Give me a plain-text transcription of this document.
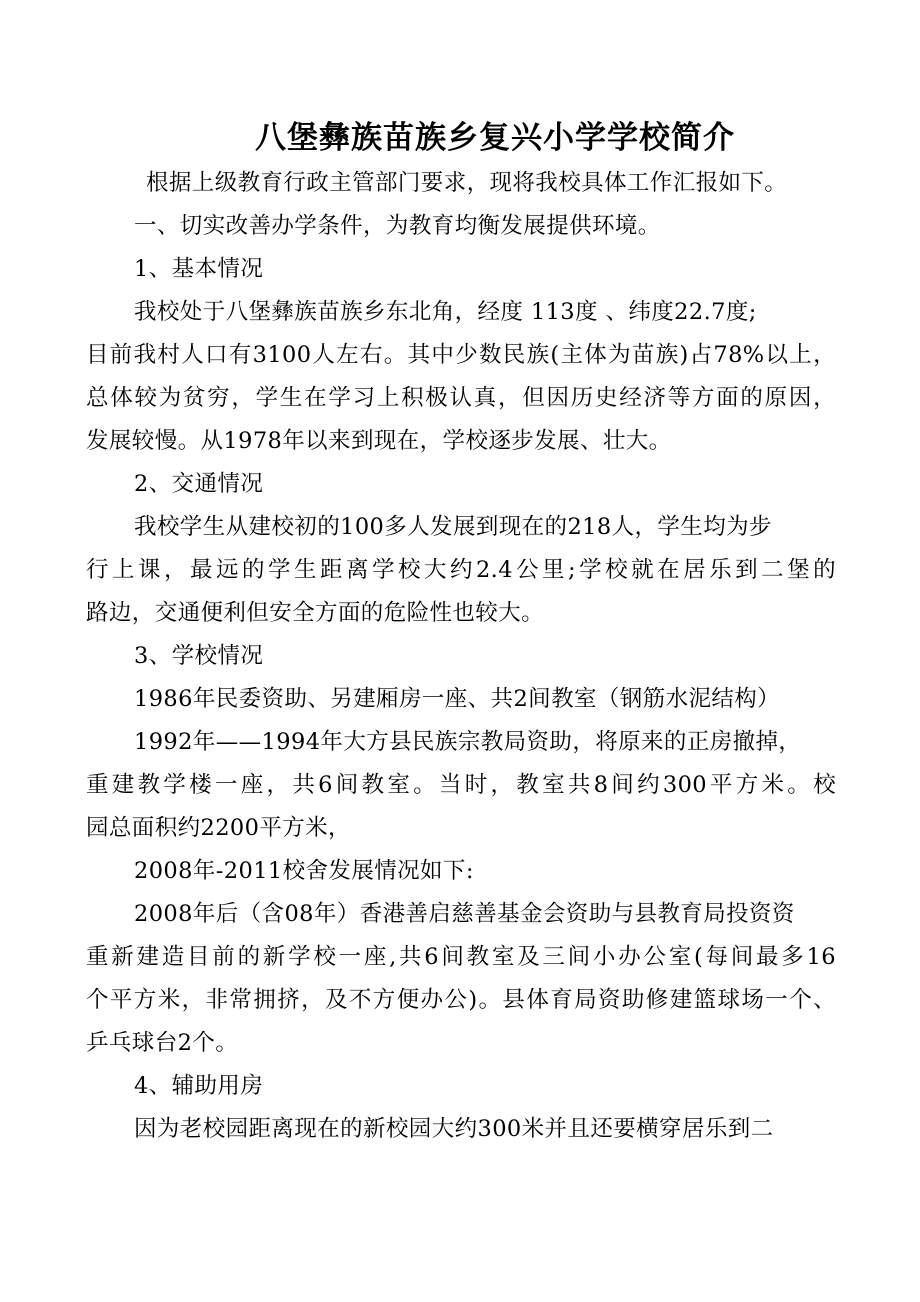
八堡彝族苗族乡复兴小学学校简介
根据上级教育行政主管部门要求，现将我校具体工作汇报如下。
一、切实改善办学条件，为教育均衡发展提供环境。
1、基本情况
我校处于八堡彝族苗族乡东北角，经度 113度 、纬度22.7度;
目前我村人口有3100人左右。其中少数民族(主体为苗族)占78%以上，
总体较为贫穷，学生在学习上积极认真，但因历史经济等方面的原因，
发展较慢。从1978年以来到现在，学校逐步发展、壮大。
2、交通情况
我校学生从建校初的100多人发展到现在的218人，学生均为步
行上课，最远的学生距离学校大约2.4公里;学校就在居乐到二堡的
路边，交通便利但安全方面的危险性也较大。
3、学校情况
1986年民委资助、另建厢房一座、共2间教室（钢筋水泥结构）
1992年——1994年大方县民族宗教局资助，将原来的正房撤掉，
重建教学楼一座，共6间教室。当时，教室共8间约300平方米。校
园总面积约2200平方米，
2008年-2011校舍发展情况如下:
2008年后（含08年）香港善启慈善基金会资助与县教育局投资资
重新建造目前的新学校一座,共6间教室及三间小办公室(每间最多16
个平方米，非常拥挤，及不方便办公)。县体育局资助修建篮球场一个、
乒乓球台2个。
4、辅助用房
因为老校园距离现在的新校园大约300米并且还要横穿居乐到二
